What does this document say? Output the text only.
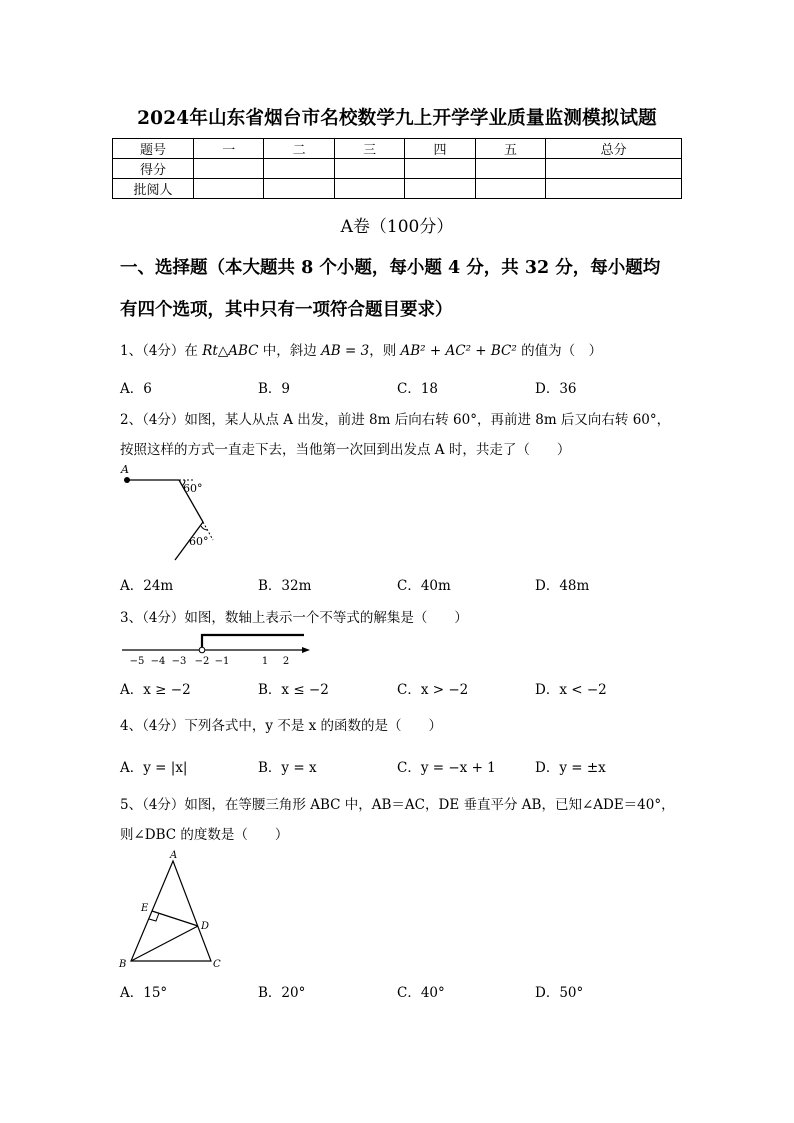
2024年山东省烟台市名校数学九上开学学业质量监测模拟试题
题号	一	二	三	四	五	总分
得分						
批阅人						
A卷（100分）
一、选择题（本大题共 8 个小题，每小题 4 分，共 32 分，每小题均
有四个选项，其中只有一项符合题目要求）
1、（4分）在 Rt△ABC 中，斜边 AB = 3，则 AB² + AC² + BC² 的值为（　）
A．6	B．9	C．18	D．36
2、（4分）如图，某人从点 A 出发，前进 8m 后向右转 60°，再前进 8m 后又向右转 60°，
按照这样的方式一直走下去，当他第一次回到出发点 A 时，共走了（　　）
A
60°
60°
A．24m	B．32m	C．40m	D．48m
3、（4分）如图，数轴上表示一个不等式的解集是（　　）
−5 −4 −3 −2 −1	1 2
A．x ≥ −2	B．x ≤ −2	C．x > −2	D．x < −2
4、（4分）下列各式中，y 不是 x 的函数的是（　　）
A．y = |x|	B．y = x	C．y = −x + 1	D．y = ±x
5、（4分）如图，在等腰三角形 ABC 中，AB＝AC，DE 垂直平分 AB，已知∠ADE＝40°，
则∠DBC 的度数是（　　）
A
E
D
B	C
A．15°	B．20°	C．40°	D．50°
